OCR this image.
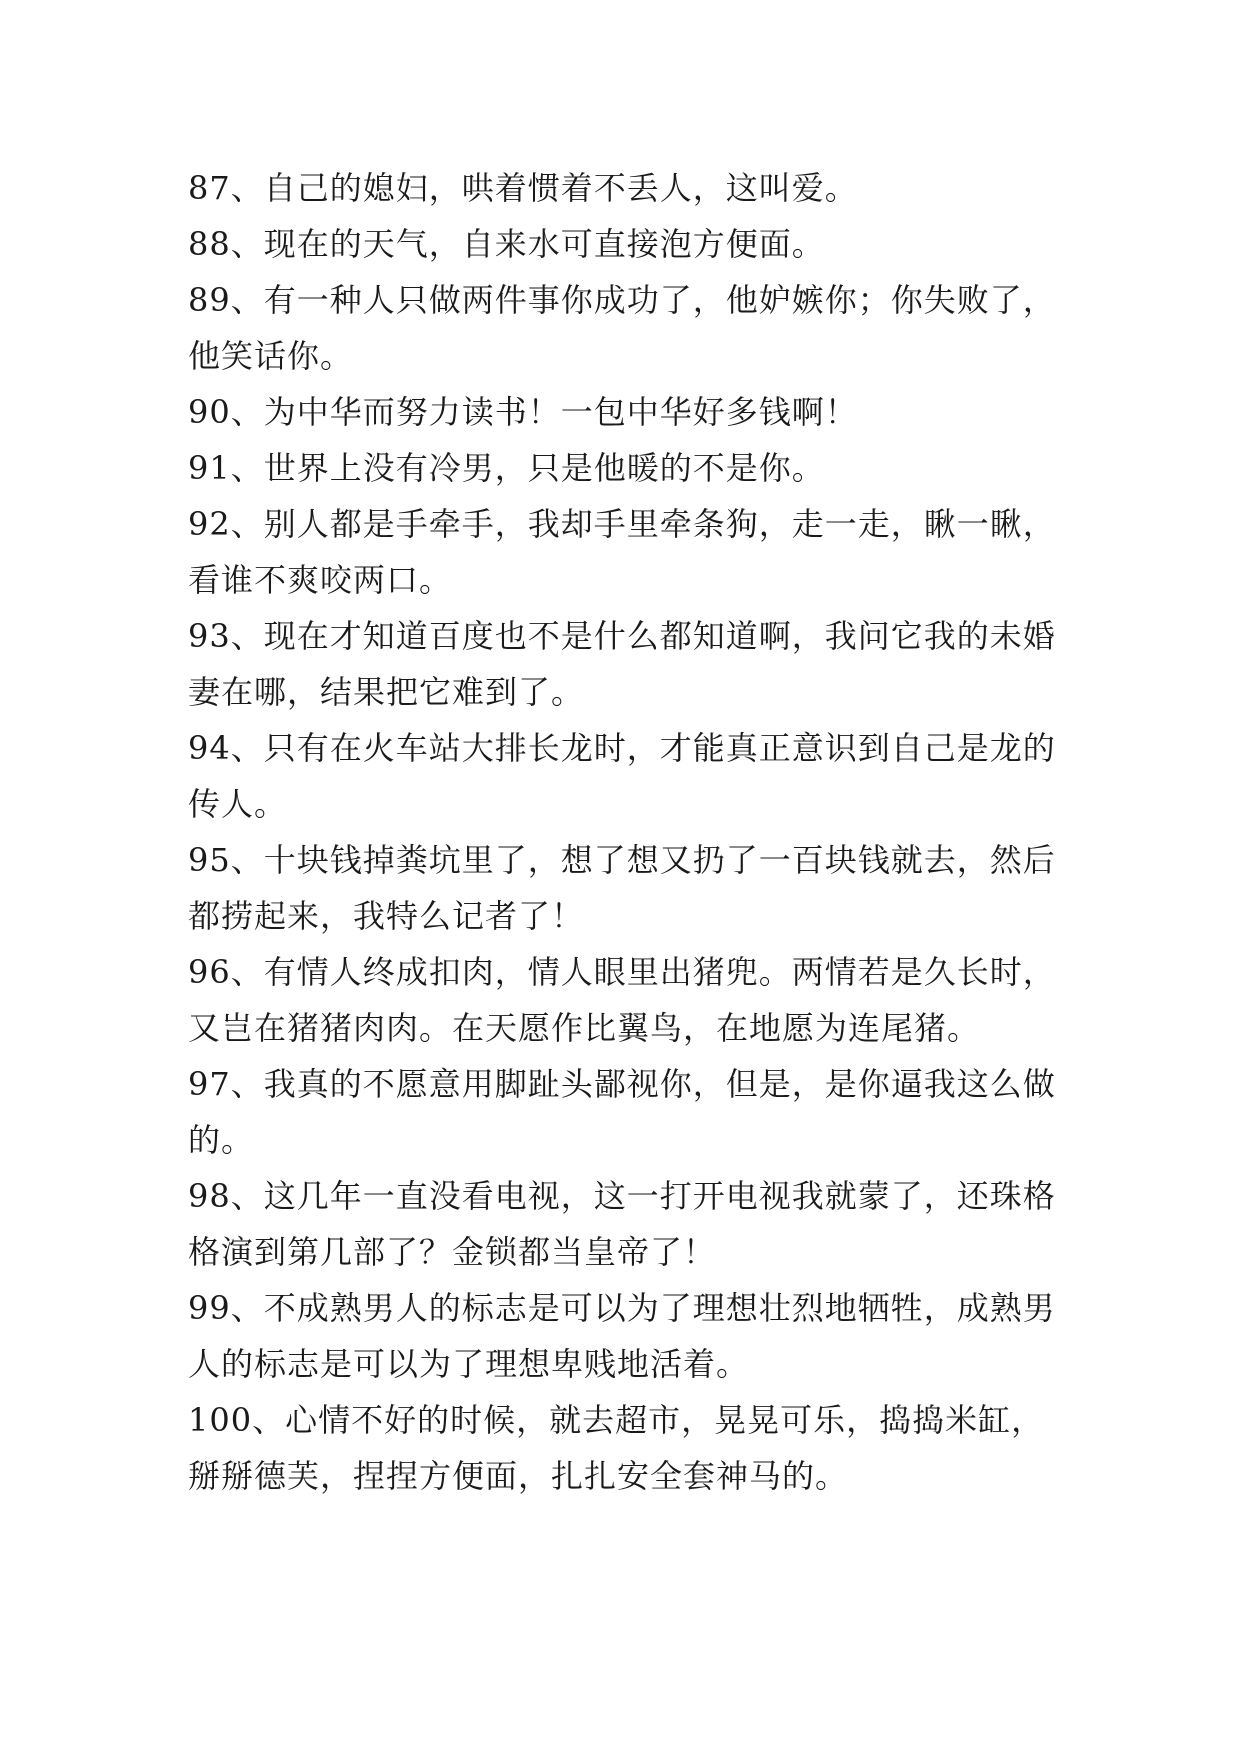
87、自己的媳妇，哄着惯着不丢人，这叫爱。
88、现在的天气，自来水可直接泡方便面。
89、有一种人只做两件事你成功了，他妒嫉你；你失败了，
他笑话你。
90、为中华而努力读书！一包中华好多钱啊！
91、世界上没有冷男，只是他暖的不是你。
92、别人都是手牵手，我却手里牵条狗，走一走，瞅一瞅，
看谁不爽咬两口。
93、现在才知道百度也不是什么都知道啊，我问它我的未婚
妻在哪，结果把它难到了。
94、只有在火车站大排长龙时，才能真正意识到自己是龙的
传人。
95、十块钱掉粪坑里了，想了想又扔了一百块钱就去，然后
都捞起来，我特么记者了！
96、有情人终成扣肉，情人眼里出猪兜。两情若是久长时，
又岂在猪猪肉肉。在天愿作比翼鸟，在地愿为连尾猪。
97、我真的不愿意用脚趾头鄙视你，但是，是你逼我这么做
的。
98、这几年一直没看电视，这一打开电视我就蒙了，还珠格
格演到第几部了？金锁都当皇帝了！
99、不成熟男人的标志是可以为了理想壮烈地牺牲，成熟男
人的标志是可以为了理想卑贱地活着。
100、心情不好的时候，就去超市，晃晃可乐，捣捣米缸，
掰掰德芙，捏捏方便面，扎扎安全套神马的。
